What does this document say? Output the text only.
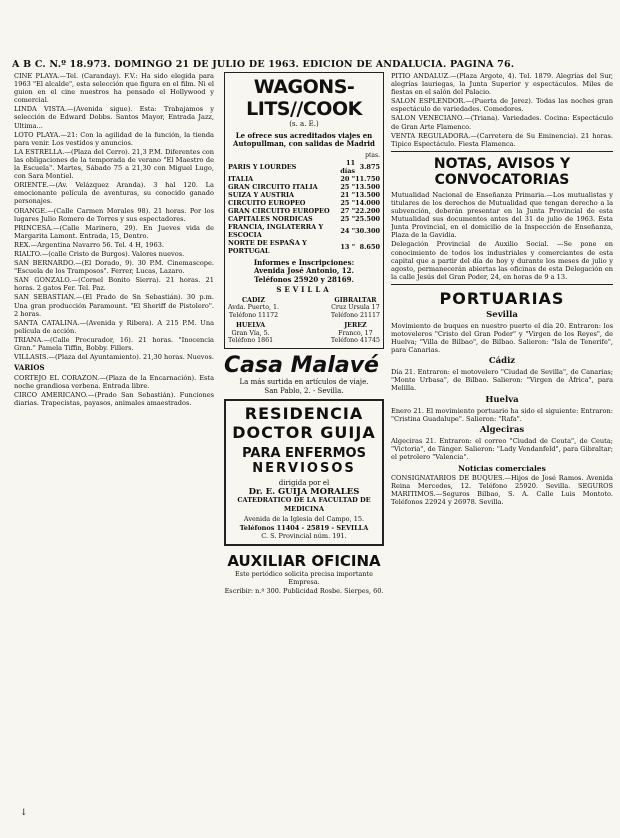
A B C. N.º 18.973. DOMINGO 21 DE JULIO DE 1963. EDICION DE ANDALUCIA. PAGINA 76.

CINE PLAYA.—Tel. (Caranday). F.V.: Ha sido elegida para 1963 "El alcalde", esta selección que figura en el film. Ni el guion en el cine nuestros ha pensado el Hollywood y comercial.

LINDA VISTA.—(Avenida sigue). Esta: Trabajamos y selección de Edward Dobbs. Santos Mayor, Entrada Jazz, Ultima...

LOTO PLAYA.—21: Con la agilidad de la función, la tienda para venir. Los vestidos y anuncios.

LA ESTRELLA.—(Plaza del Cerro). 21,3 P.M. Diferentes con las obligaciones de la temporada de verano "El Maestro de la Escuela". Martes, Sábado 75 a 21,30 con Miguel Lugo, con Sara Montiel.

ORIENTE.—(Av. Velázquez Aranda). 3 hal 120. La emocionante película de aventuras, su conocido ganado personajes.

ORANGE.—(Calle Carmen Morales 98). 21 horas. Por los lugares Julio Romero de Torres y sus espectadores.

PRINCESA.—(Calle Marinera, 29). En Jueves vida de Margarita Lamont. Entrada, 15, Dentro.

REX.—Argentina Navarro 56. Tel. 4 H, 1963.

RIALTO.—(calle Cristo de Burgos). Valores nuevos.

SAN BERNARDO.—(El Dorado, 9). 30 P.M. Cinemascope. "Escuela de los Tramposos". Ferrer, Lucas, Lazaro.

SAN GONZALO.—(Cornel Bonito Sierra). 21 horas. 21 horas. 2 gatos Fer. Tel. Paz.

SAN SEBASTIAN.—(El Prado de Sn Sebastián). 30 p.m. Una gran producción Paramount. "El Sheriff de Pistolero". 2 horas.

SANTA CATALINA.—(Avenida y Ribera). A 215 P.M. Una película de acción.

TRIANA.—(Calle Procurador, 16). 21 horas. "Inocencia Gran." Pamela Tiffin, Bobby. Fillers.

VILLASIS.—(Plaza del Ayuntamiento). 21,30 horas. Nuevos.

VARIOS

CORTEJO EL CORAZON.—(Plaza de la Encarnación). Esta noche grandiosa verbena. Entrada libre.

CIRCO AMERICANO.—(Prado San Sebastián). Funciones diarias. Trapecistas, payasos, animales amaestrados.

WAGONS-LITS//COOK
(s. a. E.)
Le ofrece sus acreditados viajes en Autopullman, con salidas de Madrid
ptas.
PARIS Y LOURDES	11 días	3.875
ITALIA	20 "	11.750
GRAN CIRCUITO ITALIA	25 "	13.500
SUIZA Y AUSTRIA	21 "	13.500
CIRCUITO EUROPEO	25 "	14.000
GRAN CIRCUITO EUROPEO	27 "	22.200
CAPITALES NORDICAS	25 "	25.500
FRANCIA, INGLATERRA Y ESCOCIA	24 "	30.300
NORTE DE ESPAÑA Y PORTUGAL	13 "	8.650
Informes e Inscripciones:
Avenida José Antonio, 12.
Teléfonos 25920 y 28169.
SEVILLA
CADIZ
Avda. Puerto, 1.
Teléfono 11172
GIBRALTAR
Cruz Ursula 17
Teléfono 21117
HUELVA
Gran Vía, 5.
Teléfono 1861
JEREZ
Franco, 17
Teléfono 41745
Casa Malavé
La más surtida en artículos de viaje.
San Pablo, 2. - Sevilla.
RESIDENCIA
DOCTOR GUIJA
PARA ENFERMOS
NERVIOSOS
dirigida por el
Dr. E. GUIJA MORALES
CATEDRATICO DE LA FACULTAD DE MEDICINA
Avenida de la Iglesia del Campo, 15.
Teléfonos 11404 - 25819 - SEVILLA
C. S. Provincial núm. 191.
AUXILIAR OFICINA
Este periódico solicita precisa importante Empresa.
Escribir: n.º 300. Publicidad Rosbe. Sierpes, 60.

PITIO ANDALUZ.—(Plaza Argote, 4). Tel. 1879. Alegrías del Sur, alegrías lauriegas, la Junta Superior y espectáculos. Miles de fiestas en el salón del Palacio.

SALON ESPLENDOR.—(Puerta de Jerez). Todas las noches gran espectáculo de variedades. Comedores.

SALON VENECIANO.—(Triana). Variedades. Cocina: Espectáculo de Gran Arte Flamenco.

VENTA REGULADORA.—(Carretera de Su Eminencia). 21 horas. Tipico Espectáculo. Fiesta Flamenca.

NOTAS, AVISOS Y CONVOCATORIAS

Mutualidad Nacional de Enseñanza Primaria.—Los mutualistas y titulares de los derechos de Mutualidad que tengan derecho a la subvención, deberán presentar en la Junta Provincial de esta Mutualidad sus documentos antes del 31 de julio de 1963. Esta Junta Provincial, en el domicilio de la Inspección de Enseñanza, Plaza de la Gavidia.

Delegación Provincial de Auxilio Social. —Se pone en conocimiento de todos los industriales y comerciantes de esta capital que a partir del día de hoy y durante los meses de julio y agosto, permanecerán abiertas las oficinas de esta Delegación en la calle Jesús del Gran Poder, 24, en horas de 9 a 13.

PORTUARIAS
Sevilla

Movimiento de buques en nuestro puerto el día 20. Entraron: los motoveleros "Cristo del Gran Poder" y "Virgen de los Reyes", de Huelva; "Villa de Bilbao", de Bilbao. Salieron: "Isla de Tenerife", para Canarias.

Cádiz

Día 21. Entraron: el motovelero "Ciudad de Sevilla", de Canarias; "Monte Urbasa", de Bilbao. Salieron: "Virgen de África", para Melilla.

Huelva

Enero 21. El movimiento portuario ha sido el siguiente: Entraron: "Cristina Guadalupe". Salieron: "Rafa".

Algeciras

Algeciras 21. Entraron: el correo "Ciudad de Ceuta", de Ceuta; "Victoria", de Tánger. Salieron: "Lady Vendanfeld", para Gibraltar; el petrolero "Valencia".

Noticias comerciales

CONSIGNATARIOS DE BUQUES.—Hijos de José Ramos. Avenida Reina Mercedes, 12. Teléfono 25920. Sevilla. SEGUROS MARITIMOS.—Seguros Bilbao, S. A. Calle Luis Montoto. Teléfonos 22924 y 26978. Sevilla.

↓
